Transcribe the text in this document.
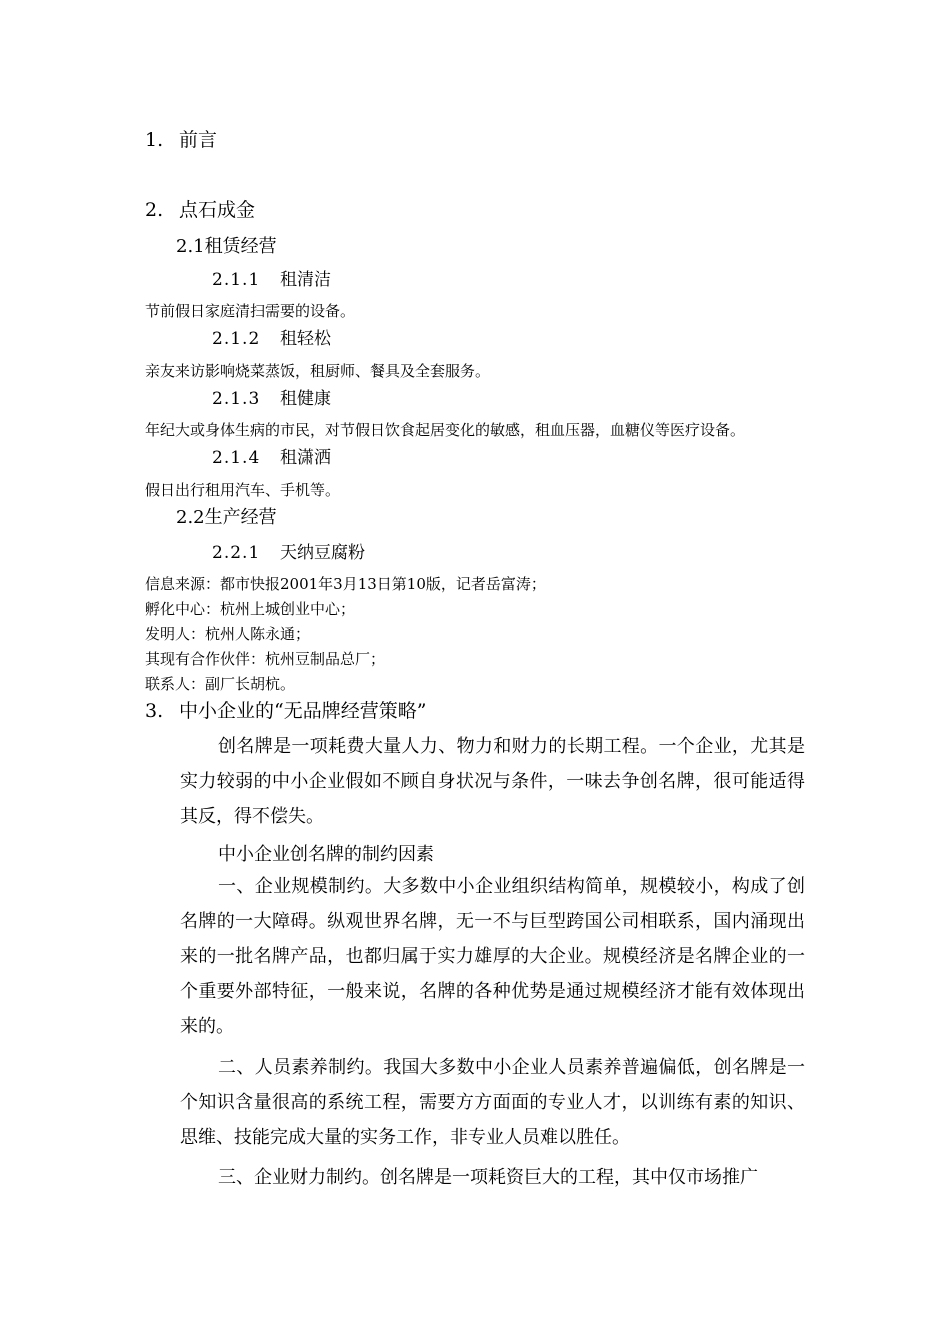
1. 前言
2. 点石成金
2.1租赁经营
2.1.1 租清洁
节前假日家庭清扫需要的设备。
2.1.2 租轻松
亲友来访影响烧菜蒸饭，租厨师、餐具及全套服务。
2.1.3 租健康
年纪大或身体生病的市民，对节假日饮食起居变化的敏感，租血压器，血糖仪等医疗设备。
2.1.4 租潇洒
假日出行租用汽车、手机等。
2.2生产经营
2.2.1 天纳豆腐粉
信息来源：都市快报2001年3月13日第10版，记者岳富涛；
孵化中心：杭州上城创业中心；
发明人：杭州人陈永通；
其现有合作伙伴：杭州豆制品总厂；
联系人：副厂长胡杭。
3. 中小企业的“无品牌经营策略”

创名牌是一项耗费大量人力、物力和财力的长期工程。一个企业，尤其是实力较弱的中小企业假如不顾自身状况与条件，一味去争创名牌，很可能适得其反，得不偿失。

中小企业创名牌的制约因素

一、企业规模制约。大多数中小企业组织结构简单，规模较小，构成了创名牌的一大障碍。纵观世界名牌，无一不与巨型跨国公司相联系，国内涌现出来的一批名牌产品，也都归属于实力雄厚的大企业。规模经济是名牌企业的一个重要外部特征，一般来说，名牌的各种优势是通过规模经济才能有效体现出来的。

二、人员素养制约。我国大多数中小企业人员素养普遍偏低，创名牌是一个知识含量很高的系统工程，需要方方面面的专业人才，以训练有素的知识、思维、技能完成大量的实务工作，非专业人员难以胜任。

三、企业财力制约。创名牌是一项耗资巨大的工程，其中仅市场推广
